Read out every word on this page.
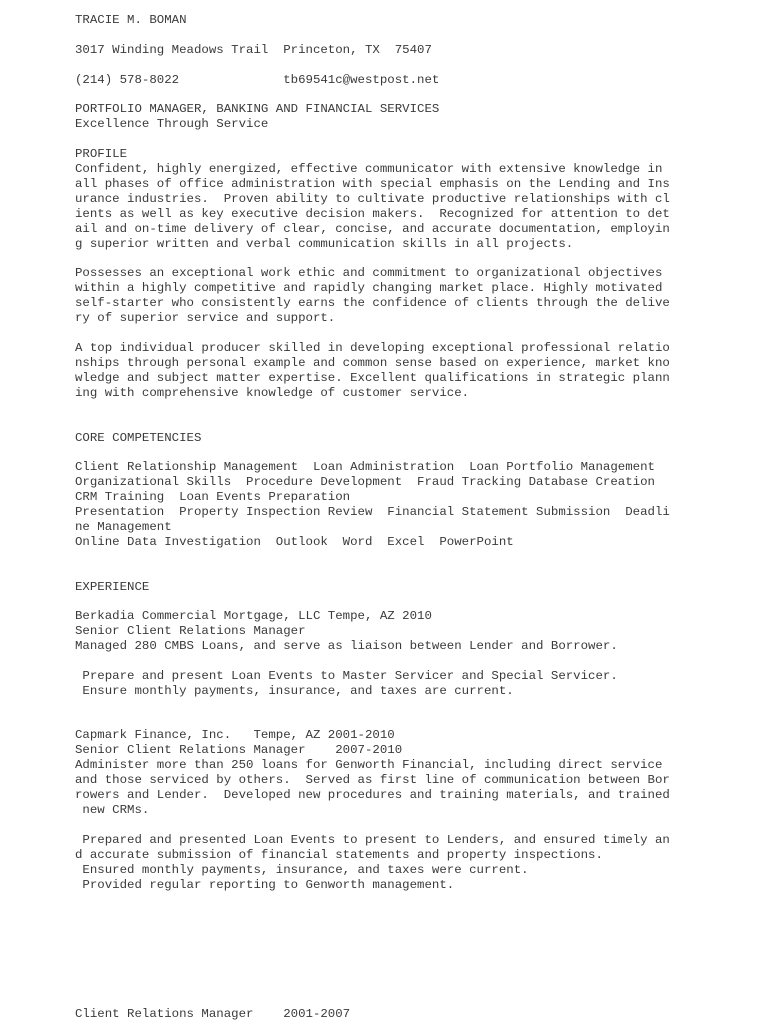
TRACIE M. BOMAN
3017 Winding Meadows Trail  Princeton, TX  75407
(214) 578-8022              tb69541c@westpost.net
PORTFOLIO MANAGER, BANKING AND FINANCIAL SERVICES
Excellence Through Service
PROFILE
Confident, highly energized, effective communicator with extensive knowledge in
all phases of office administration with special emphasis on the Lending and Ins
urance industries.  Proven ability to cultivate productive relationships with cl
ients as well as key executive decision makers.  Recognized for attention to det
ail and on-time delivery of clear, concise, and accurate documentation, employin
g superior written and verbal communication skills in all projects.
Possesses an exceptional work ethic and commitment to organizational objectives
within a highly competitive and rapidly changing market place. Highly motivated
self-starter who consistently earns the confidence of clients through the delive
ry of superior service and support.
A top individual producer skilled in developing exceptional professional relatio
nships through personal example and common sense based on experience, market kno
wledge and subject matter expertise. Excellent qualifications in strategic plann
ing with comprehensive knowledge of customer service.
CORE COMPETENCIES
Client Relationship Management  Loan Administration  Loan Portfolio Management
Organizational Skills  Procedure Development  Fraud Tracking Database Creation
CRM Training  Loan Events Preparation
Presentation  Property Inspection Review  Financial Statement Submission  Deadli
ne Management
Online Data Investigation  Outlook  Word  Excel  PowerPoint
EXPERIENCE
Berkadia Commercial Mortgage, LLC Tempe, AZ 2010
Senior Client Relations Manager
Managed 280 CMBS Loans, and serve as liaison between Lender and Borrower.
Prepare and present Loan Events to Master Servicer and Special Servicer.
Ensure monthly payments, insurance, and taxes are current.
Capmark Finance, Inc.   Tempe, AZ 2001-2010
Senior Client Relations Manager    2007-2010
Administer more than 250 loans for Genworth Financial, including direct service
and those serviced by others.  Served as first line of communication between Bor
rowers and Lender.  Developed new procedures and training materials, and trained
new CRMs.
Prepared and presented Loan Events to present to Lenders, and ensured timely an
d accurate submission of financial statements and property inspections.
Ensured monthly payments, insurance, and taxes were current.
Provided regular reporting to Genworth management.
Client Relations Manager    2001-2007
